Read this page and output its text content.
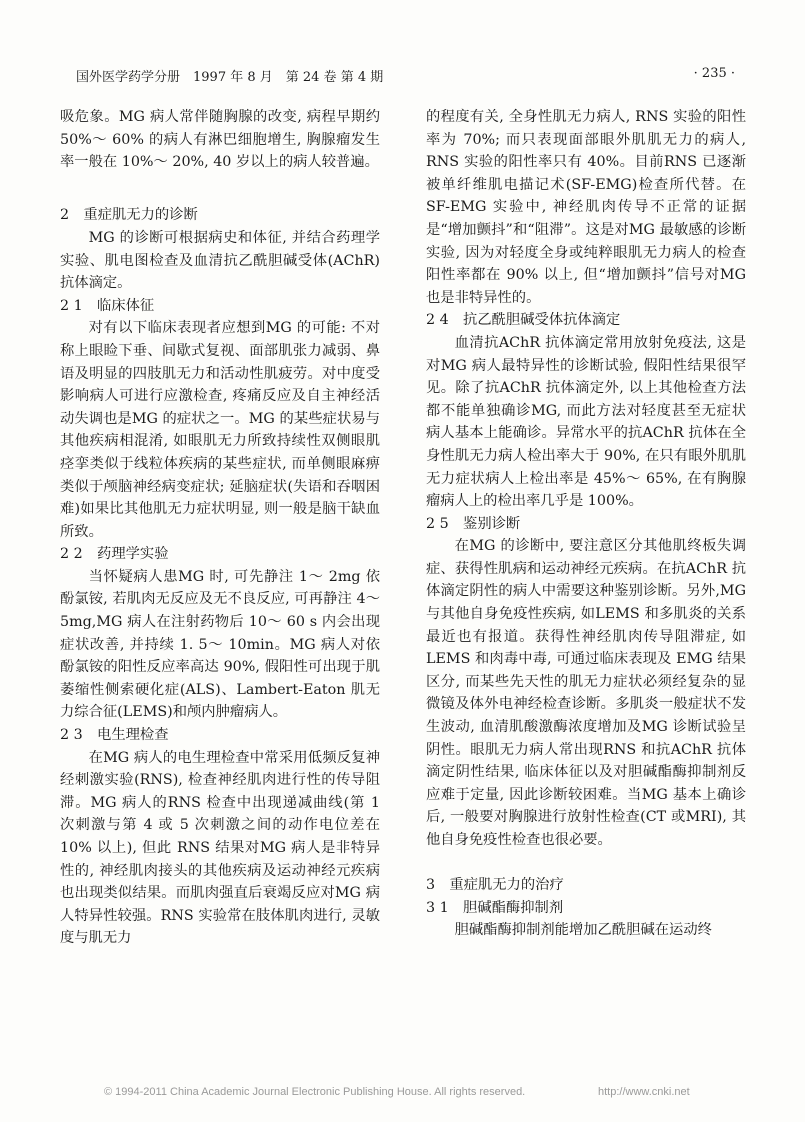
国外医学药学分册　1997 年 8 月　第 24 卷 第 4 期	· 235 ·

吸危象。MG 病人常伴随胸腺的改变, 病程早期约 50%～ 60% 的病人有淋巴细胞增生, 胸腺瘤发生率一般在 10%～ 20%, 40 岁以上的病人较普遍。

2　重症肌无力的诊断

MG 的诊断可根据病史和体征, 并结合药理学实验、肌电图检查及血清抗乙酰胆碱受体(AChR)抗体滴定。

2 1　临床体征

对有以下临床表现者应想到MG 的可能: 不对称上眼睑下垂、间歇式复视、面部肌张力减弱、鼻语及明显的四肢肌无力和活动性肌疲劳。对中度受影响病人可进行应激检查, 疼痛反应及自主神经活动失调也是MG 的症状之一。MG 的某些症状易与其他疾病相混淆, 如眼肌无力所致持续性双侧眼肌痉挛类似于线粒体疾病的某些症状, 而单侧眼麻痹类似于颅脑神经病变症状; 延脑症状(失语和吞咽困难)如果比其他肌无力症状明显, 则一般是脑干缺血所致。

2 2　药理学实验

当怀疑病人患MG 时, 可先静注 1～ 2mg 依酚氯铵, 若肌肉无反应及无不良反应, 可再静注 4～ 5mg,MG 病人在注射药物后 10～ 60 s 内会出现症状改善, 并持续 1. 5～ 10min。MG 病人对依酚氯铵的阳性反应率高达 90%, 假阳性可出现于肌萎缩性侧索硬化症(ALS)、Lambert-Eaton 肌无力综合征(LEMS)和颅内肿瘤病人。

2 3　电生理检查

在MG 病人的电生理检查中常采用低频反复神经刺激实验(RNS), 检查神经肌肉进行性的传导阻滞。MG 病人的RNS 检查中出现递减曲线(第 1 次刺激与第 4 或 5 次刺激之间的动作电位差在 10% 以上), 但此 RNS 结果对MG 病人是非特异性的, 神经肌肉接头的其他疾病及运动神经元疾病也出现类似结果。而肌肉强直后衰竭反应对MG 病人特异性较强。RNS 实验常在肢体肌肉进行, 灵敏度与肌无力

的程度有关, 全身性肌无力病人, RNS 实验的阳性率为 70%; 而只表现面部眼外肌肌无力的病人, RNS 实验的阳性率只有 40%。目前RNS 已逐渐被单纤维肌电描记术(SF-EMG)检查所代替。在 SF-EMG 实验中, 神经肌肉传导不正常的证据是“增加颤抖”和“阻滞”。这是对MG 最敏感的诊断实验, 因为对轻度全身或纯粹眼肌无力病人的检查阳性率都在 90% 以上, 但“增加颤抖”信号对MG 也是非特异性的。

2 4　抗乙酰胆碱受体抗体滴定

血清抗AChR 抗体滴定常用放射免疫法, 这是对MG 病人最特异性的诊断试验, 假阳性结果很罕见。除了抗AChR 抗体滴定外, 以上其他检查方法都不能单独确诊MG, 而此方法对轻度甚至无症状病人基本上能确诊。异常水平的抗AChR 抗体在全身性肌无力病人检出率大于 90%, 在只有眼外肌肌无力症状病人上检出率是 45%～ 65%, 在有胸腺瘤病人上的检出率几乎是 100%。

2 5　鉴别诊断

在MG 的诊断中, 要注意区分其他肌终板失调症、获得性肌病和运动神经元疾病。在抗AChR 抗体滴定阴性的病人中需要这种鉴别诊断。另外,MG 与其他自身免疫性疾病, 如LEMS 和多肌炎的关系最近也有报道。获得性神经肌肉传导阻滞症, 如LEMS 和肉毒中毒, 可通过临床表现及 EMG 结果区分, 而某些先天性的肌无力症状必须经复杂的显微镜及体外电神经检查诊断。多肌炎一般症状不发生波动, 血清肌酸激酶浓度增加及MG 诊断试验呈阴性。眼肌无力病人常出现RNS 和抗AChR 抗体滴定阴性结果, 临床体征以及对胆碱酯酶抑制剂反应难于定量, 因此诊断较困难。当MG 基本上确诊后, 一般要对胸腺进行放射性检查(CT 或MRI), 其他自身免疫性检查也很必要。

3　重症肌无力的治疗
3 1　胆碱酯酶抑制剂

胆碱酯酶抑制剂能增加乙酰胆碱在运动终

© 1994-2011 China Academic Journal Electronic Publishing House. All rights reserved.	http://www.cnki.net
